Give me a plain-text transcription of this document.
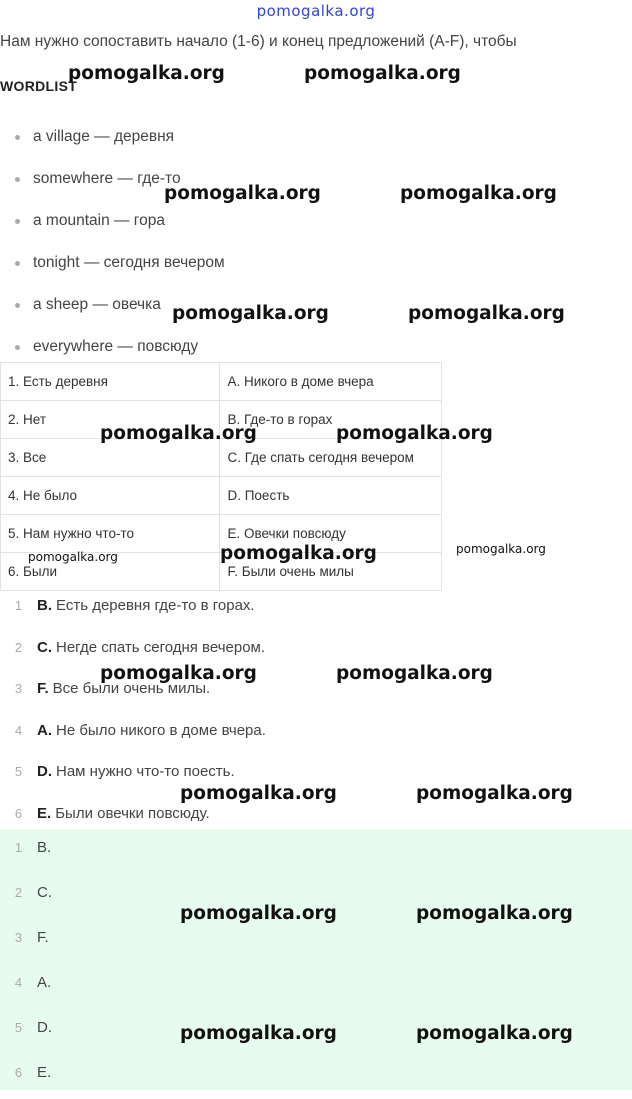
pomogalka.org
Нам нужно сопоставить начало (1-6) и конец предложений (A-F), чтобы
WORDLIST
a village — деревня
somewhere — где-то
a mountain — гора
tonight — сегодня вечером
a sheep — овечка
everywhere — повсюду
1. Есть деревня	A. Никого в доме вчера
2. Нет	B. Где-то в горах
3. Все	C. Где спать сегодня вечером
4. Не было	D. Поесть
5. Нам нужно что-то	E. Овечки повсюду
6. Были	F. Были очень милы
1 B. Есть деревня где-то в горах.
2 C. Негде спать сегодня вечером.
3 F. Все были очень милы.
4 A. Не было никого в доме вчера.
5 D. Нам нужно что-то поесть.
6 E. Были овечки повсюду.
1 B.
2 C.
3 F.
4 A.
5 D.
6 E.
pomogalka.org	pomogalka.org
pomogalka.org	pomogalka.org
pomogalka.org	pomogalka.org
pomogalka.org	pomogalka.org
pomogalka.org	pomogalka.org	pomogalka.org
pomogalka.org	pomogalka.org
pomogalka.org	pomogalka.org
pomogalka.org	pomogalka.org
pomogalka.org	pomogalka.org
